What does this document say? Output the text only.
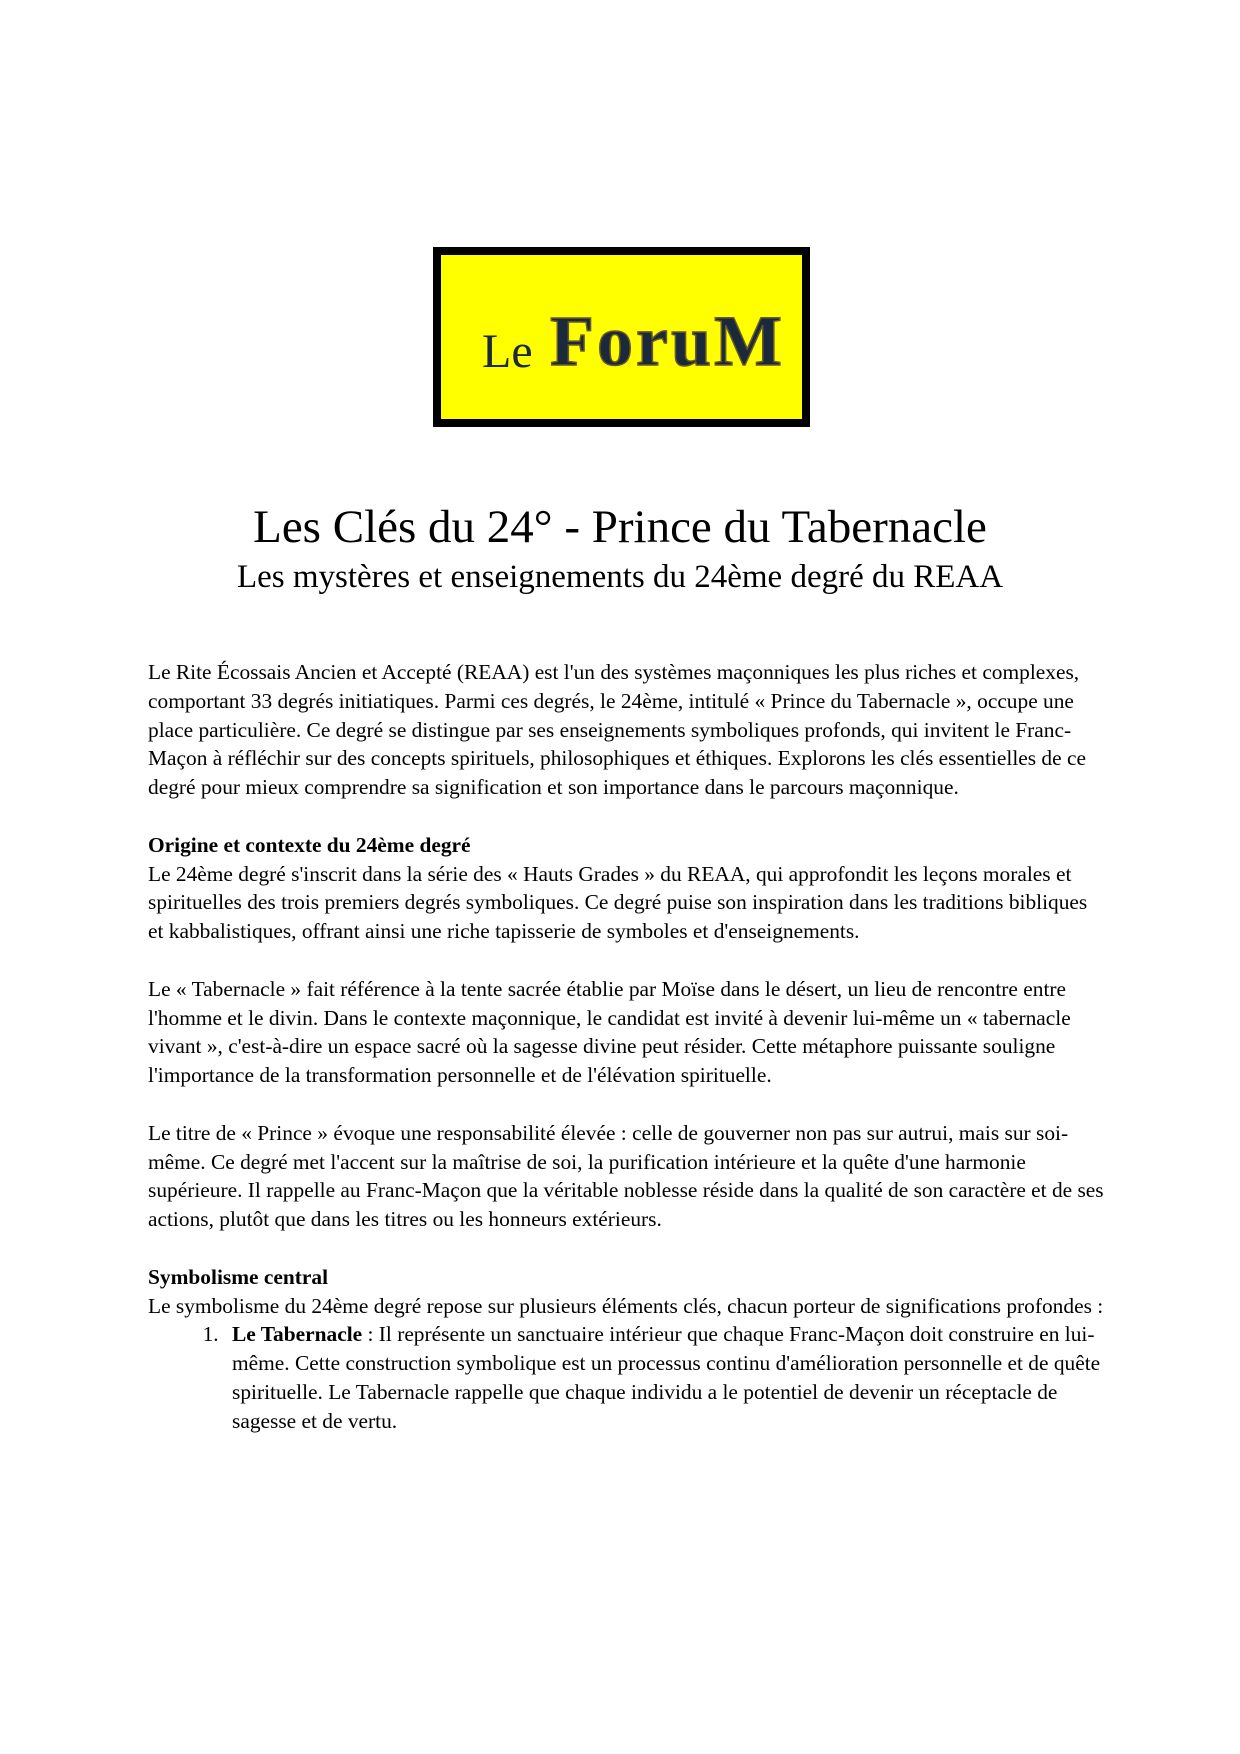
Le ForuM
Les Clés du 24° - Prince du Tabernacle
Les mystères et enseignements du 24ème degré du REAA

Le Rite Écossais Ancien et Accepté (REAA) est l'un des systèmes maçonniques les plus riches et complexes, comportant 33 degrés initiatiques. Parmi ces degrés, le 24ème, intitulé « Prince du Tabernacle », occupe une place particulière. Ce degré se distingue par ses enseignements symboliques profonds, qui invitent le Franc-Maçon à réfléchir sur des concepts spirituels, philosophiques et éthiques. Explorons les clés essentielles de ce degré pour mieux comprendre sa signification et son importance dans le parcours maçonnique.

Origine et contexte du 24ème degré

Le 24ème degré s'inscrit dans la série des « Hauts Grades » du REAA, qui approfondit les leçons morales et spirituelles des trois premiers degrés symboliques. Ce degré puise son inspiration dans les traditions bibliques et kabbalistiques, offrant ainsi une riche tapisserie de symboles et d'enseignements.

Le « Tabernacle » fait référence à la tente sacrée établie par Moïse dans le désert, un lieu de rencontre entre l'homme et le divin. Dans le contexte maçonnique, le candidat est invité à devenir lui-même un « tabernacle vivant », c'est-à-dire un espace sacré où la sagesse divine peut résider. Cette métaphore puissante souligne l'importance de la transformation personnelle et de l'élévation spirituelle.

Le titre de « Prince » évoque une responsabilité élevée : celle de gouverner non pas sur autrui, mais sur soi-même. Ce degré met l'accent sur la maîtrise de soi, la purification intérieure et la quête d'une harmonie supérieure. Il rappelle au Franc-Maçon que la véritable noblesse réside dans la qualité de son caractère et de ses actions, plutôt que dans les titres ou les honneurs extérieurs.

Symbolisme central

Le symbolisme du 24ème degré repose sur plusieurs éléments clés, chacun porteur de significations profondes :

1. Le Tabernacle : Il représente un sanctuaire intérieur que chaque Franc-Maçon doit construire en lui-même. Cette construction symbolique est un processus continu d'amélioration personnelle et de quête spirituelle. Le Tabernacle rappelle que chaque individu a le potentiel de devenir un réceptacle de sagesse et de vertu.
